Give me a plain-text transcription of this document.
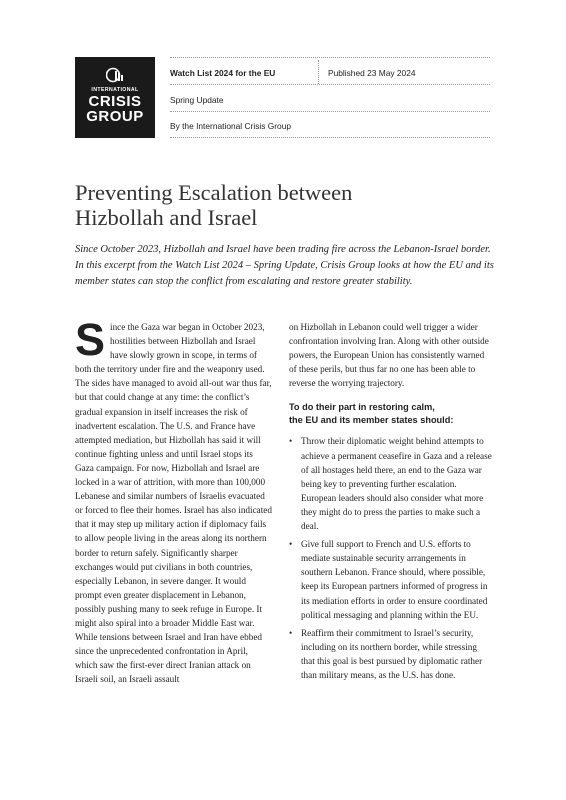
INTERNATIONAL
CRISIS
GROUP
Watch List 2024 for the EU	Published 23 May 2024
Spring Update
By the International Crisis Group
Preventing Escalation between
Hizbollah and Israel
Since October 2023, Hizbollah and Israel have been trading fire across the Lebanon-Israel border. In this excerpt from the Watch List 2024 – Spring Update, Crisis Group looks at how the EU and its member states can stop the conflict from escalating and restore greater stability.
S ince the Gaza war began in October 2023, hostilities between Hizbollah and Israel have slowly grown in scope, in terms of both the territory under fire and the weaponry used. The sides have managed to avoid all-out war thus far, but that could change at any time: the conflict’s gradual expansion in itself increases the risk of inadvertent escalation. The U.S. and France have attempted mediation, but Hizbollah has said it will continue fighting unless and until Israel stops its Gaza campaign. For now, Hizbollah and Israel are locked in a war of attrition, with more than 100,000 Lebanese and similar numbers of Israelis evacuated or forced to flee their homes. Israel has also indicated that it may step up military action if diplomacy fails to allow people living in the areas along its northern border to return safely. Significantly sharper exchanges would put civilians in both countries, especially Lebanon, in severe danger. It would prompt even greater displacement in Lebanon, possibly pushing many to seek refuge in Europe. It might also spiral into a broader Middle East war. While tensions between Israel and Iran have ebbed since the unprecedented confrontation in April, which saw the first-ever direct Iranian attack on Israeli soil, an Israeli assault

on Hizbollah in Lebanon could well trigger a wider confrontation involving Iran. Along with other outside powers, the European Union has consistently warned of these perils, but thus far no one has been able to reverse the worrying trajectory.

To do their part in restoring calm,
the EU and its member states should:
• Throw their diplomatic weight behind attempts to achieve a permanent ceasefire in Gaza and a release of all hostages held there, an end to the Gaza war being key to preventing further escalation. European leaders should also consider what more they might do to press the parties to make such a deal.
• Give full support to French and U.S. efforts to mediate sustainable security arrangements in southern Lebanon. France should, where possible, keep its European partners informed of progress in its mediation efforts in order to ensure coordinated political messaging and planning within the EU.
• Reaffirm their commitment to Israel’s security, including on its northern border, while stressing that this goal is best pursued by diplomatic rather than military means, as the U.S. has done.
